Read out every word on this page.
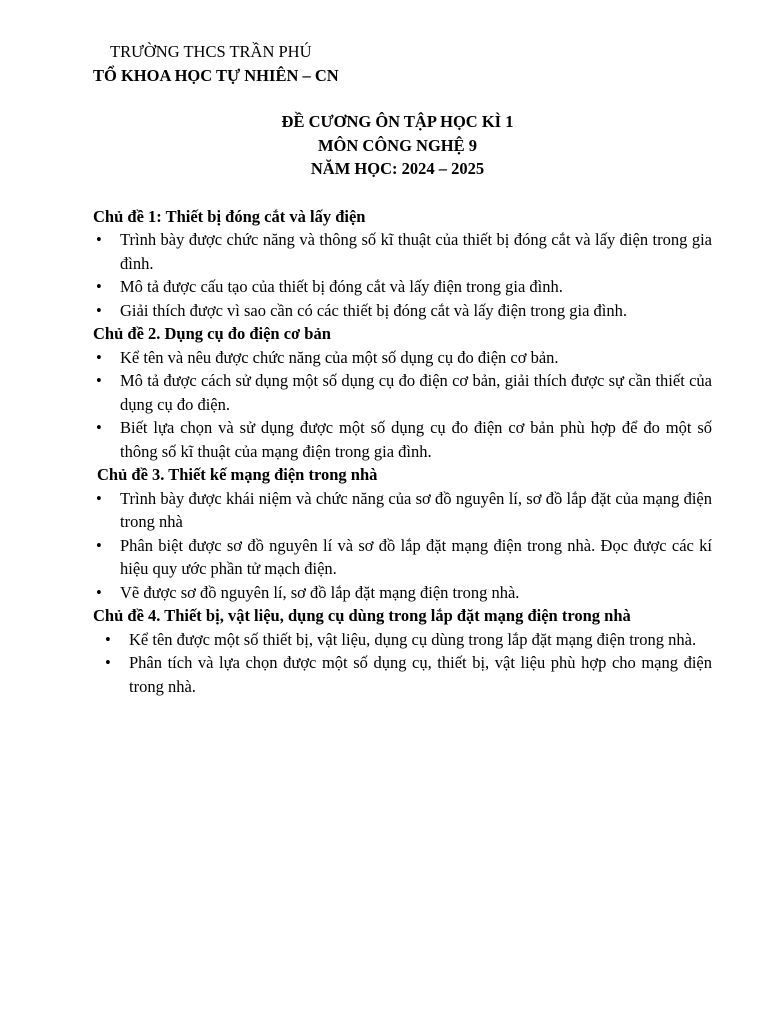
TRƯỜNG THCS TRẦN PHÚ
TỔ KHOA HỌC TỰ NHIÊN – CN
ĐỀ CƯƠNG ÔN TẬP HỌC KÌ 1
MÔN CÔNG NGHỆ 9
NĂM HỌC: 2024 – 2025
Chủ đề 1: Thiết bị đóng cắt và lấy điện
• Trình bày được chức năng và thông số kĩ thuật của thiết bị đóng cắt và lấy điện trong gia đình.
• Mô tả được cấu tạo của thiết bị đóng cắt và lấy điện trong gia đình.
• Giải thích được vì sao cần có các thiết bị đóng cắt và lấy điện trong gia đình.
Chủ đề 2. Dụng cụ đo điện cơ bản
• Kể tên và nêu được chức năng của một số dụng cụ đo điện cơ bản.
• Mô tả được cách sử dụng một số dụng cụ đo điện cơ bản, giải thích được sự cần thiết của dụng cụ đo điện.
• Biết lựa chọn và sử dụng được một số dụng cụ đo điện cơ bản phù hợp để đo một số thông số kĩ thuật của mạng điện trong gia đình.
Chủ đề 3. Thiết kế mạng điện trong nhà
• Trình bày được khái niệm và chức năng của sơ đồ nguyên lí, sơ đồ lắp đặt của mạng điện trong nhà
• Phân biệt được sơ đồ nguyên lí và sơ đồ lắp đặt mạng điện trong nhà. Đọc được các kí hiệu quy ước phần tử mạch điện.
• Vẽ được sơ đồ nguyên lí, sơ đồ lắp đặt mạng điện trong nhà.
Chủ đề 4. Thiết bị, vật liệu, dụng cụ dùng trong lắp đặt mạng điện trong nhà
• Kể tên được một số thiết bị, vật liệu, dụng cụ dùng trong lắp đặt mạng điện trong nhà.
• Phân tích và lựa chọn được một số dụng cụ, thiết bị, vật liệu phù hợp cho mạng điện trong nhà.
